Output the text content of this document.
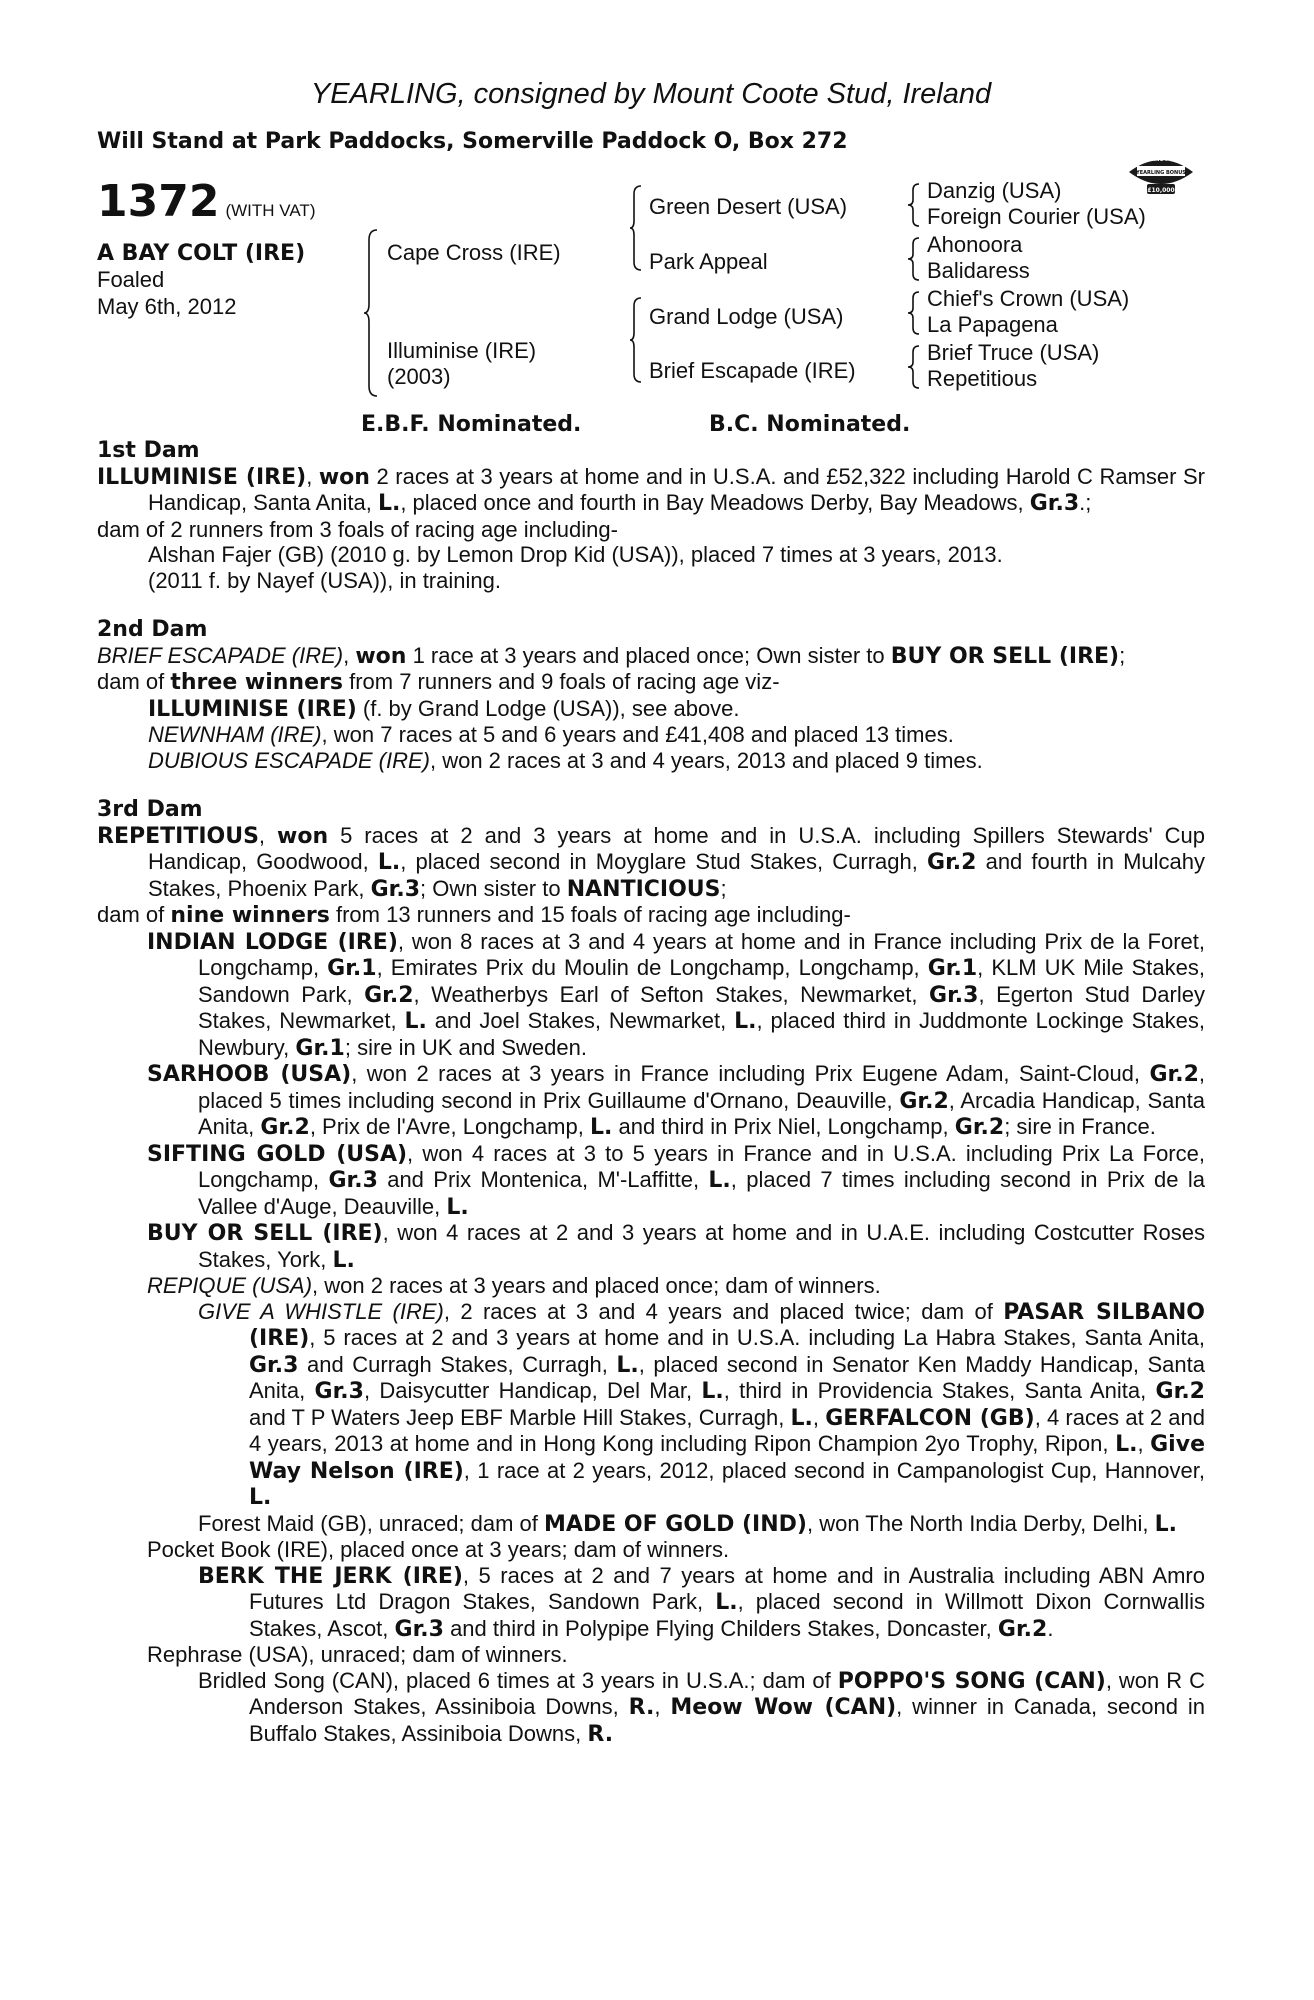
YEARLING, consigned by Mount Coote Stud, Ireland

Will Stand at Park Paddocks, Somerville Paddock O, Box 272

RACING POST
YEARLING BONUS
£10,000
1372 (WITH VAT)
A BAY COLT (IRE)
Foaled
May 6th, 2012
Cape Cross (IRE)
Illuminise (IRE)
(2003)
Green Desert (USA)
Park Appeal
Grand Lodge (USA)
Brief Escapade (IRE)
Danzig (USA)
Foreign Courier (USA)
Ahonoora
Balidaress
Chief's Crown (USA)
La Papagena
Brief Truce (USA)
Repetitious
E.B.F. Nominated.	B.C. Nominated.
1st Dam

ILLUMINISE (IRE), won 2 races at 3 years at home and in U.S.A. and £52,322 including Harold C Ramser Sr Handicap, Santa Anita, L., placed once and fourth in Bay Meadows Derby, Bay Meadows, Gr.3.;

dam of 2 runners from 3 foals of racing age including-

Alshan Fajer (GB) (2010 g. by Lemon Drop Kid (USA)), placed 7 times at 3 years, 2013.

(2011 f. by Nayef (USA)), in training.

2nd Dam

BRIEF ESCAPADE (IRE), won 1 race at 3 years and placed once; Own sister to BUY OR SELL (IRE);

dam of three winners from 7 runners and 9 foals of racing age viz-

ILLUMINISE (IRE) (f. by Grand Lodge (USA)), see above.

NEWNHAM (IRE), won 7 races at 5 and 6 years and £41,408 and placed 13 times.

DUBIOUS ESCAPADE (IRE), won 2 races at 3 and 4 years, 2013 and placed 9 times.

3rd Dam

REPETITIOUS, won 5 races at 2 and 3 years at home and in U.S.A. including Spillers Stewards' Cup Handicap, Goodwood, L., placed second in Moyglare Stud Stakes, Curragh, Gr.2 and fourth in Mulcahy Stakes, Phoenix Park, Gr.3; Own sister to NANTICIOUS;

dam of nine winners from 13 runners and 15 foals of racing age including-

INDIAN LODGE (IRE), won 8 races at 3 and 4 years at home and in France including Prix de la Foret, Longchamp, Gr.1, Emirates Prix du Moulin de Longchamp, Longchamp, Gr.1, KLM UK Mile Stakes, Sandown Park, Gr.2, Weatherbys Earl of Sefton Stakes, Newmarket, Gr.3, Egerton Stud Darley Stakes, Newmarket, L. and Joel Stakes, Newmarket, L., placed third in Juddmonte Lockinge Stakes, Newbury, Gr.1; sire in UK and Sweden.

SARHOOB (USA), won 2 races at 3 years in France including Prix Eugene Adam, Saint-Cloud, Gr.2, placed 5 times including second in Prix Guillaume d'Ornano, Deauville, Gr.2, Arcadia Handicap, Santa Anita, Gr.2, Prix de l'Avre, Longchamp, L. and third in Prix Niel, Longchamp, Gr.2; sire in France.

SIFTING GOLD (USA), won 4 races at 3 to 5 years in France and in U.S.A. including Prix La Force, Longchamp, Gr.3 and Prix Montenica, M'-Laffitte, L., placed 7 times including second in Prix de la Vallee d'Auge, Deauville, L.

BUY OR SELL (IRE), won 4 races at 2 and 3 years at home and in U.A.E. including Costcutter Roses Stakes, York, L.

REPIQUE (USA), won 2 races at 3 years and placed once; dam of winners.

GIVE A WHISTLE (IRE), 2 races at 3 and 4 years and placed twice; dam of PASAR SILBANO (IRE), 5 races at 2 and 3 years at home and in U.S.A. including La Habra Stakes, Santa Anita, Gr.3 and Curragh Stakes, Curragh, L., placed second in Senator Ken Maddy Handicap, Santa Anita, Gr.3, Daisycutter Handicap, Del Mar, L., third in Providencia Stakes, Santa Anita, Gr.2 and T P Waters Jeep EBF Marble Hill Stakes, Curragh, L., GERFALCON (GB), 4 races at 2 and 4 years, 2013 at home and in Hong Kong including Ripon Champion 2yo Trophy, Ripon, L., Give Way Nelson (IRE), 1 race at 2 years, 2012, placed second in Campanologist Cup, Hannover, L.

Forest Maid (GB), unraced; dam of MADE OF GOLD (IND), won The North India Derby, Delhi, L.

Pocket Book (IRE), placed once at 3 years; dam of winners.

BERK THE JERK (IRE), 5 races at 2 and 7 years at home and in Australia including ABN Amro Futures Ltd Dragon Stakes, Sandown Park, L., placed second in Willmott Dixon Cornwallis Stakes, Ascot, Gr.3 and third in Polypipe Flying Childers Stakes, Doncaster, Gr.2.

Rephrase (USA), unraced; dam of winners.

Bridled Song (CAN), placed 6 times at 3 years in U.S.A.; dam of POPPO'S SONG (CAN), won R C Anderson Stakes, Assiniboia Downs, R., Meow Wow (CAN), winner in Canada, second in Buffalo Stakes, Assiniboia Downs, R.
